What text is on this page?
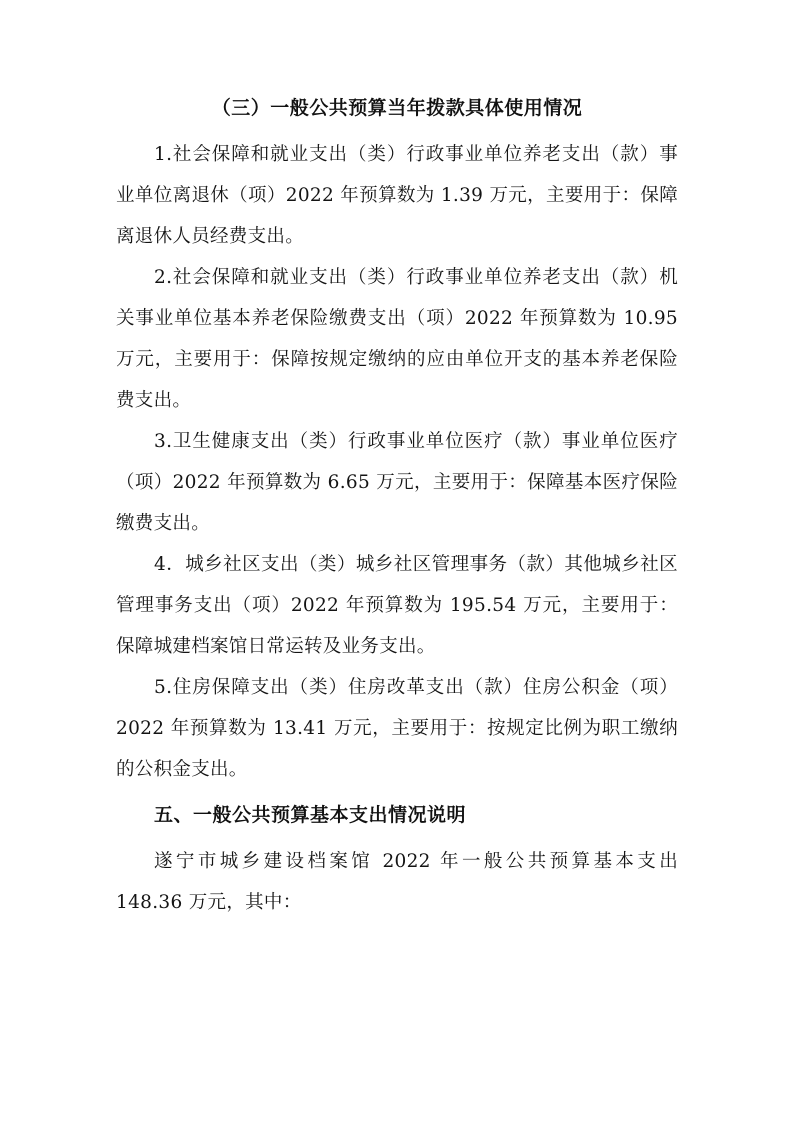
（三）一般公共预算当年拨款具体使用情况

1.社会保障和就业支出（类）行政事业单位养老支出（款）事业单位离退休（项）2022 年预算数为 1.39 万元，主要用于：保障离退休人员经费支出。

2.社会保障和就业支出（类）行政事业单位养老支出（款）机关事业单位基本养老保险缴费支出（项）2022 年预算数为 10.95 万元，主要用于：保障按规定缴纳的应由单位开支的基本养老保险费支出。

3.卫生健康支出（类）行政事业单位医疗（款）事业单位医疗（项）2022 年预算数为 6.65 万元，主要用于：保障基本医疗保险缴费支出。

4．城乡社区支出（类）城乡社区管理事务（款）其他城乡社区管理事务支出（项）2022 年预算数为 195.54 万元，主要用于：保障城建档案馆日常运转及业务支出。

5.住房保障支出（类）住房改革支出（款）住房公积金（项）2022 年预算数为 13.41 万元，主要用于：按规定比例为职工缴纳的公积金支出。

五、一般公共预算基本支出情况说明

遂宁市城乡建设档案馆 2022 年一般公共预算基本支出 148.36 万元，其中：
